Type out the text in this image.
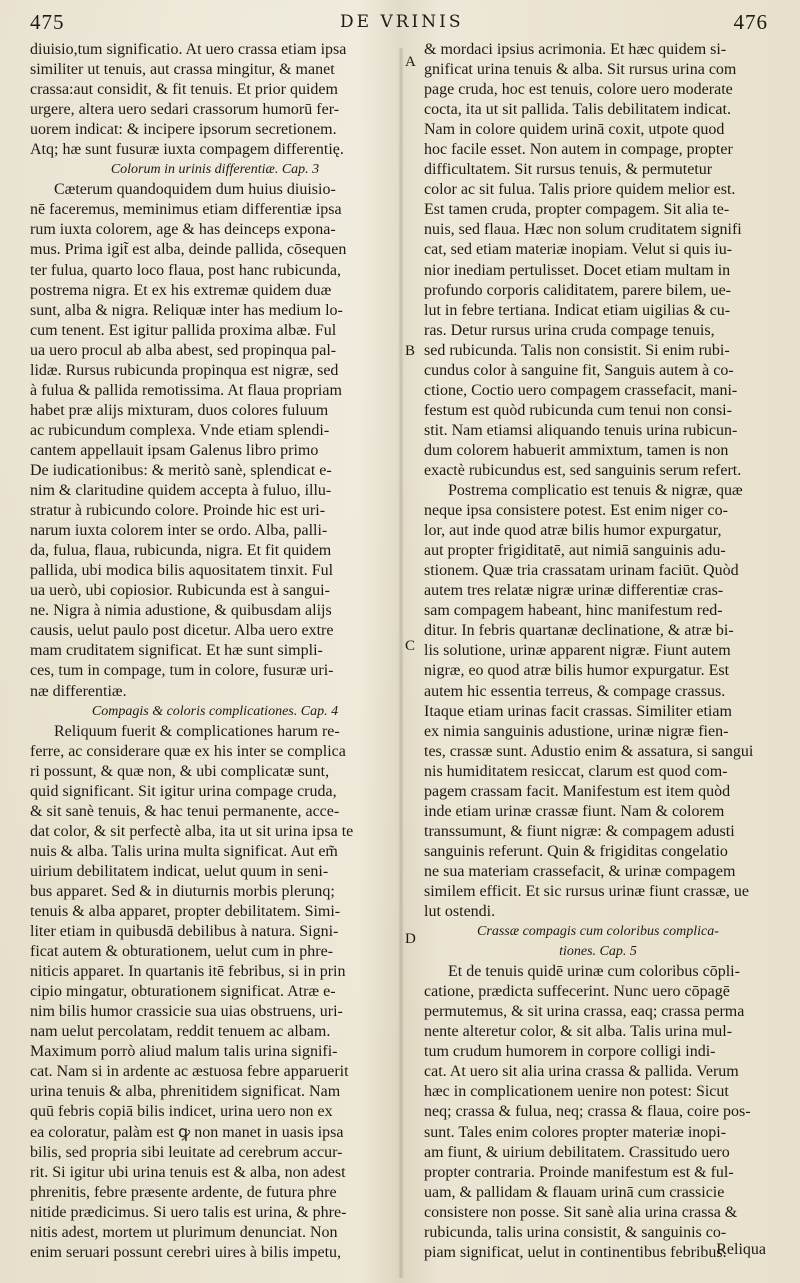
475	DE VRINIS	476
diuisio,tum significatio. At uero crassa etiam ipsa
similiter ut tenuis, aut crassa mingitur, & manet
crassa:aut considit, & fit tenuis. Et prior quidem
urgere, altera uero sedari crassorum humorū fer-
uorem indicat: & incipere ipsorum secretionem.
Atq; hæ sunt fusuræ iuxta compagem differentię.
Colorum in urinis differentiæ. Cap. 3
Cæterum quandoquidem dum huius diuisio-
nē faceremus, meminimus etiam differentiæ ipsa
rum iuxta colorem, age & has deinceps expona-
mus. Prima igit̃ est alba, deinde pallida, cōsequen
ter fulua, quarto loco flaua, post hanc rubicunda,
postrema nigra. Et ex his extremæ quidem duæ
sunt, alba & nigra. Reliquæ inter has medium lo-
cum tenent. Est igitur pallida proxima albæ. Ful
ua uero procul ab alba abest, sed propinqua pal-
lidæ. Rursus rubicunda propinqua est nigræ, sed
à fulua & pallida remotissima. At flaua propriam
habet præ alijs mixturam, duos colores fuluum
ac rubicundum complexa. Vnde etiam splendi-
cantem appellauit ipsam Galenus libro primo
De iudicationibus: & meritò sanè, splendicat e-
nim & claritudine quidem accepta à fuluo, illu-
stratur à rubicundo colore. Proinde hic est uri-
narum iuxta colorem inter se ordo. Alba, palli-
da, fulua, flaua, rubicunda, nigra. Et fit quidem
pallida, ubi modica bilis aquositatem tinxit. Ful
ua uerò, ubi copiosior. Rubicunda est à sangui-
ne. Nigra à nimia adustione, & quibusdam alijs
causis, uelut paulo post dicetur. Alba uero extre
mam cruditatem significat. Et hæ sunt simpli-
ces, tum in compage, tum in colore, fusuræ uri-
næ differentiæ.
Compagis & coloris complicationes. Cap. 4
Reliquum fuerit & complicationes harum re-
ferre, ac considerare quæ ex his inter se complica
ri possunt, & quæ non, & ubi complicatæ sunt,
quid significant. Sit igitur urina compage cruda,
& sit sanè tenuis, & hac tenui permanente, acce-
dat color, & sit perfectè alba, ita ut sit urina ipsa te
nuis & alba. Talis urina multa significat. Aut em̃
uirium debilitatem indicat, uelut quum in seni-
bus apparet. Sed & in diuturnis morbis plerunq;
tenuis & alba apparet, propter debilitatem. Simi-
liter etiam in quibusdā debilibus à natura. Signi-
ficat autem & obturationem, uelut cum in phre-
niticis apparet. In quartanis itē febribus, si in prin
cipio mingatur, obturationem significat. Atræ e-
nim bilis humor crassicie sua uias obstruens, uri-
nam uelut percolatam, reddit tenuem ac albam.
Maximum porrò aliud malum talis urina signifi-
cat. Nam si in ardente ac æstuosa febre apparuerit
urina tenuis & alba, phrenitidem significat. Nam
quū febris copiā bilis indicet, urina uero non ex
ea coloratur, palàm est ꝙ non manet in uasis ipsa
bilis, sed propria sibi leuitate ad cerebrum accur-
rit. Si igitur ubi urina tenuis est & alba, non adest
phrenitis, febre præsente ardente, de futura phre
nitide prædicimus. Si uero talis est urina, & phre-
nitis adest, mortem ut plurimum denunciat. Non
enim seruari possunt cerebri uires à bilis impetu,
A
B
C
D
& mordaci ipsius acrimonia. Et hæc quidem si-
gnificat urina tenuis & alba. Sit rursus urina com
page cruda, hoc est tenuis, colore uero moderate
cocta, ita ut sit pallida. Talis debilitatem indicat.
Nam in colore quidem urinā coxit, utpote quod
hoc facile esset. Non autem in compage, propter
difficultatem. Sit rursus tenuis, & permutetur
color ac sit fulua. Talis priore quidem melior est.
Est tamen cruda, propter compagem. Sit alia te-
nuis, sed flaua. Hæc non solum cruditatem signifi
cat, sed etiam materiæ inopiam. Velut si quis iu-
nior inediam pertulisset. Docet etiam multam in
profundo corporis caliditatem, parere bilem, ue-
lut in febre tertiana. Indicat etiam uigilias & cu-
ras. Detur rursus urina cruda compage tenuis,
sed rubicunda. Talis non consistit. Si enim rubi-
cundus color à sanguine fit, Sanguis autem à co-
ctione, Coctio uero compagem crassefacit, mani-
festum est quòd rubicunda cum tenui non consi-
stit. Nam etiamsi aliquando tenuis urina rubicun-
dum colorem habuerit ammixtum, tamen is non
exactè rubicundus est, sed sanguinis serum refert.
Postrema complicatio est tenuis & nigræ, quæ
neque ipsa consistere potest. Est enim niger co-
lor, aut inde quod atræ bilis humor expurgatur,
aut propter frigiditatē, aut nimiā sanguinis adu-
stionem. Quæ tria crassatam urinam faciūt. Quòd
autem tres relatæ nigræ urinæ differentiæ cras-
sam compagem habeant, hinc manifestum red-
ditur. In febris quartanæ declinatione, & atræ bi-
lis solutione, urinæ apparent nigræ. Fiunt autem
nigræ, eo quod atræ bilis humor expurgatur. Est
autem hic essentia terreus, & compage crassus.
Itaque etiam urinas facit crassas. Similiter etiam
ex nimia sanguinis adustione, urinæ nigræ fien-
tes, crassæ sunt. Adustio enim & assatura, si sangui
nis humiditatem resiccat, clarum est quod com-
pagem crassam facit. Manifestum est item quòd
inde etiam urinæ crassæ fiunt. Nam & colorem
transsumunt, & fiunt nigræ: & compagem adusti
sanguinis referunt. Quin & frigiditas congelatio
ne sua materiam crassefacit, & urinæ compagem
similem efficit. Et sic rursus urinæ fiunt crassæ, ue
lut ostendi.
Crassæ compagis cum coloribus complica-
tiones. Cap. 5
Et de tenuis quidē urinæ cum coloribus cōpli-
catione, prædicta suffecerint. Nunc uero cōpagē
permutemus, & sit urina crassa, eaq; crassa perma
nente alteretur color, & sit alba. Talis urina mul-
tum crudum humorem in corpore colligi indi-
cat. At uero sit alia urina crassa & pallida. Verum
hæc in complicationem uenire non potest: Sicut
neq; crassa & fulua, neq; crassa & flaua, coire pos-
sunt. Tales enim colores propter materiæ inopi-
am fiunt, & uirium debilitatem. Crassitudo uero
propter contraria. Proinde manifestum est & ful-
uam, & pallidam & flauam urinā cum crassicie
consistere non posse. Sit sanè alia urina crassa &
rubicunda, talis urina consistit, & sanguinis co-
piam significat, uelut in continentibus febribus.
Reliqua
